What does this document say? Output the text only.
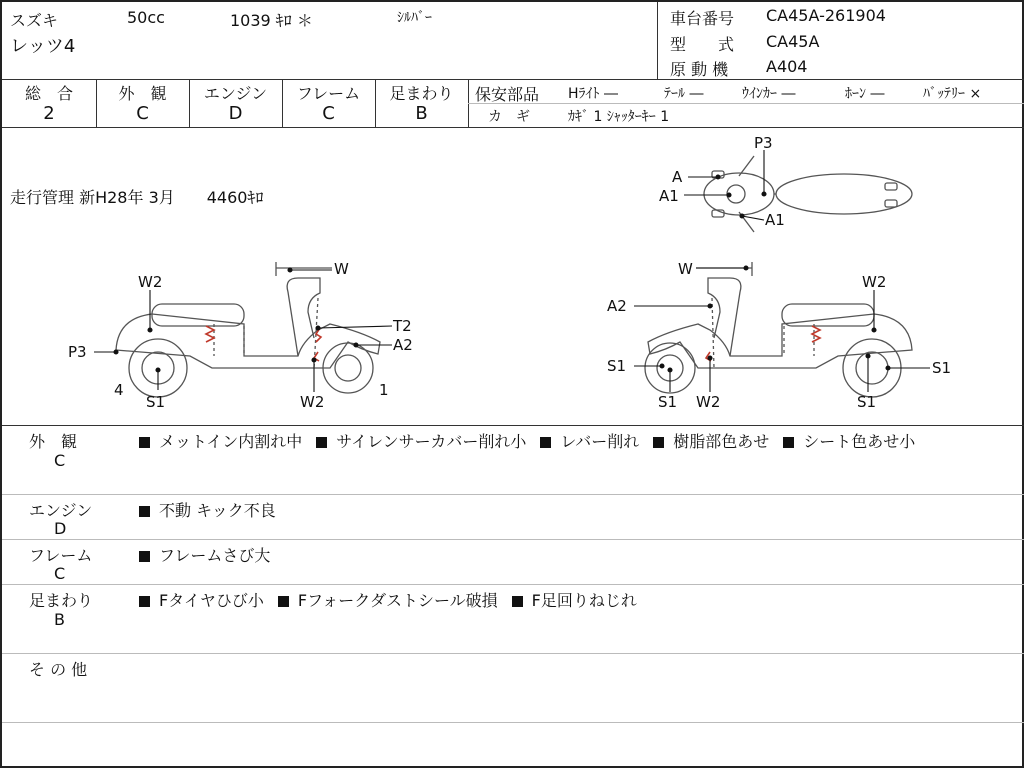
スズキ	50cc	1039 ｷﾛ ＊	ｼﾙﾊﾞｰ
レッツ4
車台番号 CA45A-261904
型　　式 CA45A
原 動 機 A404
総　合
2
外　観
C
エンジン
D
フレーム
C
足まわり
B
保安部品 Hﾗｲﾄ ―	ﾃｰﾙ ―	ｳｲﾝｶｰ ―	ﾎｰﾝ ―	ﾊﾞｯﾃﾘｰ ×
カ　ギ	ｶｷﾞ 1 ｼｬｯﾀｰｷｰ 1
走行管理 新H28年 3月　　4460ｷﾛ
P3
A
A1
A1
W2
W
T2
A2
P3
4
S1	W2
1
W
W2
A2
S1
S1 W2	S1
S1
外　観
C
メットイン内割れ中 サイレンサーカバー削れ小 レバー削れ 樹脂部色あせ シート色あせ小
エンジン
D
不動 キック不良
フレーム
C
フレームさび大
足まわり
B
Fタイヤひび小 Fフォークダストシール破損 F足回りねじれ
そ の 他
